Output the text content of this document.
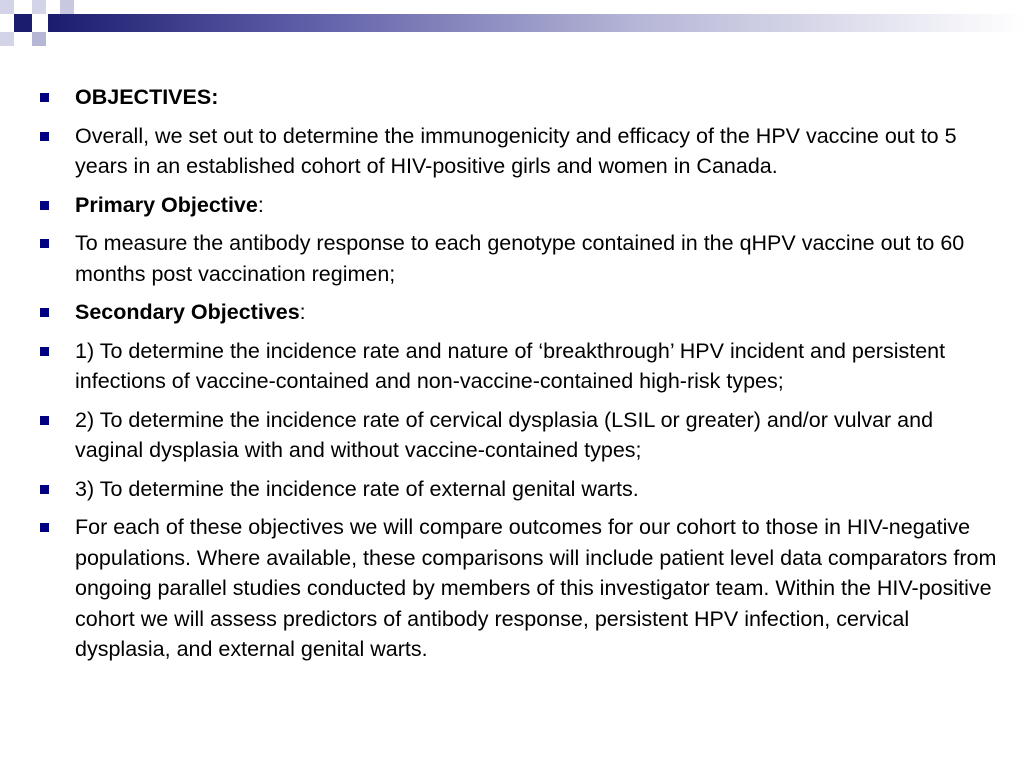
OBJECTIVES:
Overall, we set out to determine the immunogenicity and efficacy of the HPV vaccine out to 5 years in an established cohort of HIV-positive girls and women in Canada.
Primary Objective:
To measure the antibody response to each genotype contained in the qHPV vaccine out to 60 months post vaccination regimen;
Secondary Objectives:
1) To determine the incidence rate and nature of ‘breakthrough’ HPV incident and persistent infections of vaccine-contained and non-vaccine-contained high-risk types;
2) To determine the incidence rate of cervical dysplasia (LSIL or greater) and/or vulvar and vaginal dysplasia with and without vaccine-contained types;
3) To determine the incidence rate of external genital warts.
For each of these objectives we will compare outcomes for our cohort to those in HIV-negative populations. Where available, these comparisons will include patient level data comparators from ongoing parallel studies conducted by members of this investigator team. Within the HIV-positive cohort we will assess predictors of antibody response, persistent HPV infection, cervical dysplasia, and external genital warts.
